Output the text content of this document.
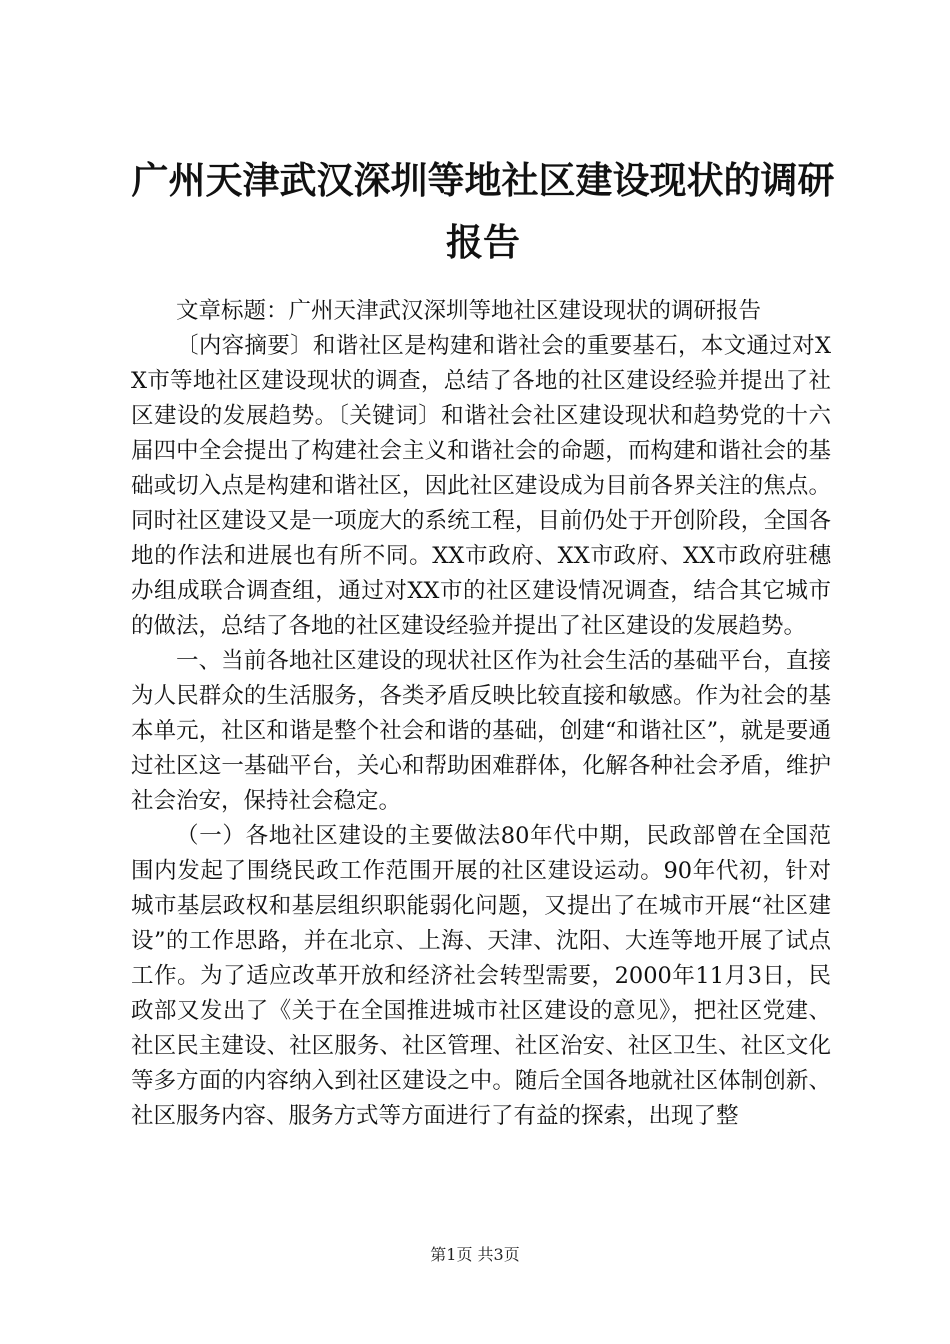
广州天津武汉深圳等地社区建设现状的调研报告

文章标题：广州天津武汉深圳等地社区建设现状的调研报告

〔内容摘要〕和谐社区是构建和谐社会的重要基石，本文通过对XX市等地社区建设现状的调查，总结了各地的社区建设经验并提出了社区建设的发展趋势。〔关键词〕和谐社会社区建设现状和趋势党的十六届四中全会提出了构建社会主义和谐社会的命题，而构建和谐社会的基础或切入点是构建和谐社区，因此社区建设成为目前各界关注的焦点。同时社区建设又是一项庞大的系统工程，目前仍处于开创阶段，全国各地的作法和进展也有所不同。XX市政府、XX市政府、XX市政府驻穗办组成联合调查组，通过对XX市的社区建设情况调查，结合其它城市的做法，总结了各地的社区建设经验并提出了社区建设的发展趋势。

一、当前各地社区建设的现状社区作为社会生活的基础平台，直接为人民群众的生活服务，各类矛盾反映比较直接和敏感。作为社会的基本单元，社区和谐是整个社会和谐的基础，创建“和谐社区”，就是要通过社区这一基础平台，关心和帮助困难群体，化解各种社会矛盾，维护社会治安，保持社会稳定。

（一）各地社区建设的主要做法80年代中期，民政部曾在全国范围内发起了围绕民政工作范围开展的社区建设运动。90年代初，针对城市基层政权和基层组织职能弱化问题，又提出了在城市开展“社区建设”的工作思路，并在北京、上海、天津、沈阳、大连等地开展了试点工作。为了适应改革开放和经济社会转型需要，2000年11月3日，民政部又发出了《关于在全国推进城市社区建设的意见》，把社区党建、社区民主建设、社区服务、社区管理、社区治安、社区卫生、社区文化等多方面的内容纳入到社区建设之中。随后全国各地就社区体制创新、社区服务内容、服务方式等方面进行了有益的探索，出现了整

第1页 共3页
